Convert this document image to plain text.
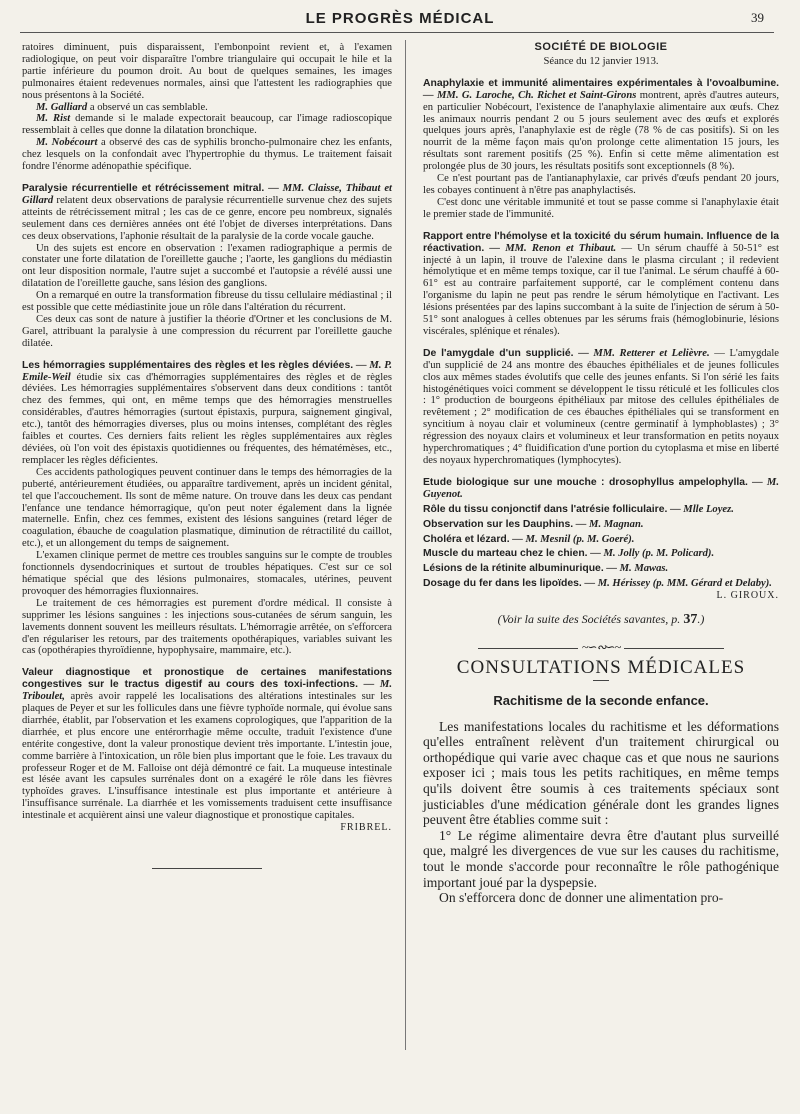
LE PROGRÈS MÉDICAL	39

ratoires diminuent, puis disparaissent, l'embonpoint revient et, à l'examen radiologique, on peut voir disparaître l'ombre triangulaire qui occupait le hile et la partie inférieure du poumon droit. Au bout de quelques semaines, les images pulmonaires étaient redevenues normales, ainsi que l'attestent les radiographies que nous présentons à la Société.

M. Galliard a observé un cas semblable.

M. Rist demande si le malade expectorait beaucoup, car l'image radioscopique ressemblait à celles que donne la dilatation bronchique.

M. Nobécourt a observé des cas de syphilis broncho-pulmonaire chez les enfants, chez lesquels on la confondait avec l'hypertrophie du thymus. Le traitement faisait fondre l'énorme adénopathie spécifique.

Paralysie récurrentielle et rétrécissement mitral. — MM. Claisse, Thibaut et Gillard relatent deux observations de paralysie récurrentielle survenue chez des sujets atteints de rétrécissement mitral ; les cas de ce genre, encore peu nombreux, signalés seulement dans ces dernières années ont été l'objet de diverses interprétations. Dans ces deux observations, l'aphonie résultait de la paralysie de la corde vocale gauche.

Un des sujets est encore en observation : l'examen radiographique a permis de constater une forte dilatation de l'oreillette gauche ; l'aorte, les ganglions du médiastin ont leur disposition normale, l'autre sujet a succombé et l'autopsie a révélé aussi une dilatation de l'oreillette gauche, sans lésion des ganglions.

On a remarqué en outre la transformation fibreuse du tissu cellulaire médiastinal ; il est possible que cette médiastinite joue un rôle dans l'altération du récurrent.

Ces deux cas sont de nature à justifier la théorie d'Ortner et les conclusions de M. Garel, attribuant la paralysie à une compression du récurrent par l'oreillette gauche dilatée.

Les hémorragies supplémentaires des règles et les règles déviées. — M. P. Emile-Weil étudie six cas d'hémorragies supplémentaires des règles et de règles déviées. Les hémorragies supplémentaires s'observent dans deux conditions : tantôt chez des femmes, qui ont, en même temps que des hémorragies menstruelles considérables, d'autres hémorragies (surtout épistaxis, purpura, saignement gingival, etc.), tantôt des hémorragies diverses, plus ou moins intenses, complétant des règles faibles et courtes. Ces derniers faits relient les règles supplémentaires aux règles déviées, où l'on voit des épistaxis quotidiennes ou fréquentes, des hématémèses, etc., remplacer les règles déficientes.

Ces accidents pathologiques peuvent continuer dans le temps des hémorragies de la puberté, antérieurement étudiées, ou apparaître tardivement, après un incident génital, tel que l'accouchement. Ils sont de même nature. On trouve dans les deux cas pendant l'enfance une tendance hémorragique, qu'on peut noter également dans la lignée maternelle. Enfin, chez ces femmes, existent des lésions sanguines (retard léger de coagulation, ébauche de coagulation plasmatique, diminution de rétractilité du caillot, etc.), et un allongement du temps de saignement.

L'examen clinique permet de mettre ces troubles sanguins sur le compte de troubles fonctionnels dysendocriniques et surtout de troubles hépatiques. C'est sur ce sol hématique spécial que des lésions pulmonaires, stomacales, utérines, peuvent provoquer des hémorragies fluxionnaires.

Le traitement de ces hémorragies est purement d'ordre médical. Il consiste à supprimer les lésions sanguines : les injections sous-cutanées de sérum sanguin, les lavements donnent souvent les meilleurs résultats. L'hémorragie arrêtée, on s'efforcera d'en régulariser les retours, par des traitements opothérapiques, variables suivant les cas (opothérapies thyroïdienne, hypophysaire, mammaire, etc.).

Valeur diagnostique et pronostique de certaines manifestations congestives sur le tractus digestif au cours des toxi-infections. — M. Triboulet, après avoir rappelé les localisations des altérations intestinales sur les plaques de Peyer et sur les follicules dans une fièvre typhoïde normale, qui évolue sans diarrhée, établit, par l'observation et les examens coprologiques, que l'apparition de la diarrhée, et plus encore une entérorrhagie même occulte, traduit l'existence d'une entérite congestive, dont la valeur pronostique devient très importante. L'intestin joue, comme barrière à l'intoxication, un rôle bien plus important que le foie. Les travaux du professeur Roger et de M. Falloise ont déjà démontré ce fait. La muqueuse intestinale est lésée avant les capsules surrénales dont on a exagéré le rôle dans les fièvres typhoïdes graves. L'insuffisance intestinale est plus importante et antérieure à l'insuffisance surrénale. La diarrhée et les vomissements traduisent cette insuffisance intestinale et acquièrent ainsi une valeur diagnostique et pronostique capitales.

FRIBREL.
SOCIÉTÉ DE BIOLOGIE
Séance du 12 janvier 1913.

Anaphylaxie et immunité alimentaires expérimentales à l'ovoalbumine. — MM. G. Laroche, Ch. Richet et Saint-Girons montrent, après d'autres auteurs, en particulier Nobécourt, l'existence de l'anaphylaxie alimentaire aux œufs. Chez les animaux nourris pendant 2 ou 5 jours seulement avec des œufs et explorés quelques jours après, l'anaphylaxie est de règle (78 % de cas positifs). Si on les nourrit de la même façon mais qu'on prolonge cette alimentation 15 jours, les résultats sont rarement positifs (25 %). Enfin si cette même alimentation est prolongée plus de 30 jours, les résultats positifs sont exceptionnels (8 %).

Ce n'est pourtant pas de l'antianaphylaxie, car privés d'œufs pendant 20 jours, les cobayes continuent à n'être pas anaphylactisés.

C'est donc une véritable immunité et tout se passe comme si l'anaphylaxie était le premier stade de l'immunité.

Rapport entre l'hémolyse et la toxicité du sérum humain. Influence de la réactivation. — MM. Renon et Thibaut. — Un sérum chauffé à 50-51° est injecté à un lapin, il trouve de l'alexine dans le plasma circulant ; il redevient hémolytique et en même temps toxique, car il tue l'animal. Le sérum chauffé à 60-61° est au contraire parfaitement supporté, car le complément contenu dans l'organisme du lapin ne peut pas rendre le sérum hémolytique en l'activant. Les lésions présentées par des lapins succombant à la suite de l'injection de sérum à 50-51° sont analogues à celles obtenues par les sérums frais (hémoglobinurie, lésions viscérales, splénique et rénales).

De l'amygdale d'un supplicié. — MM. Retterer et Lelièvre. — L'amygdale d'un supplicié de 24 ans montre des ébauches épithéliales et de jeunes follicules clos aux mêmes stades évolutifs que celle des jeunes enfants. Si l'on sérié les faits histogénétiques voici comment se développent le tissu réticulé et les follicules clos : 1° production de bourgeons épithéliaux par mitose des cellules épithéliales de revêtement ; 2° modification de ces ébauches épithéliales qui se transforment en syncitium à noyau clair et volumineux (centre germinatif à lymphoblastes) ; 3° régression des noyaux clairs et volumineux et leur transformation en petits noyaux hyperchromatiques ; 4° fluidification d'une portion du cytoplasma et mise en liberté des noyaux hyperchromatiques (lymphocytes).

Etude biologique sur une mouche : drosophyllus ampelophylla. — M. Guyenot.

Rôle du tissu conjonctif dans l'atrésie folliculaire. — Mlle Loyez.

Observation sur les Dauphins. — M. Magnan.

Choléra et lézard. — M. Mesnil (p. M. Goeré).

Muscle du marteau chez le chien. — M. Jolly (p. M. Policard).

Lésions de la rétinite albuminurique. — M. Mawas.

Dosage du fer dans les lipoïdes. — M. Hérissey (p. MM. Gérard et Delaby).

L. GIROUX.
(Voir la suite des Sociétés savantes, p. 37.)
~∽∾∽~
CONSULTATIONS MÉDICALES
Rachitisme de la seconde enfance.

Les manifestations locales du rachitisme et les déformations qu'elles entraînent relèvent d'un traitement chirurgical ou orthopédique qui varie avec chaque cas et que nous ne saurions exposer ici ; mais tous les petits rachitiques, en même temps qu'ils doivent être soumis à ces traitements spéciaux sont justiciables d'une médication générale dont les grandes lignes peuvent être établies comme suit :

1° Le régime alimentaire devra être d'autant plus surveillé que, malgré les divergences de vue sur les causes du rachitisme, tout le monde s'accorde pour reconnaître le rôle pathogénique important joué par la dyspepsie.

On s'efforcera donc de donner une alimentation pro-
